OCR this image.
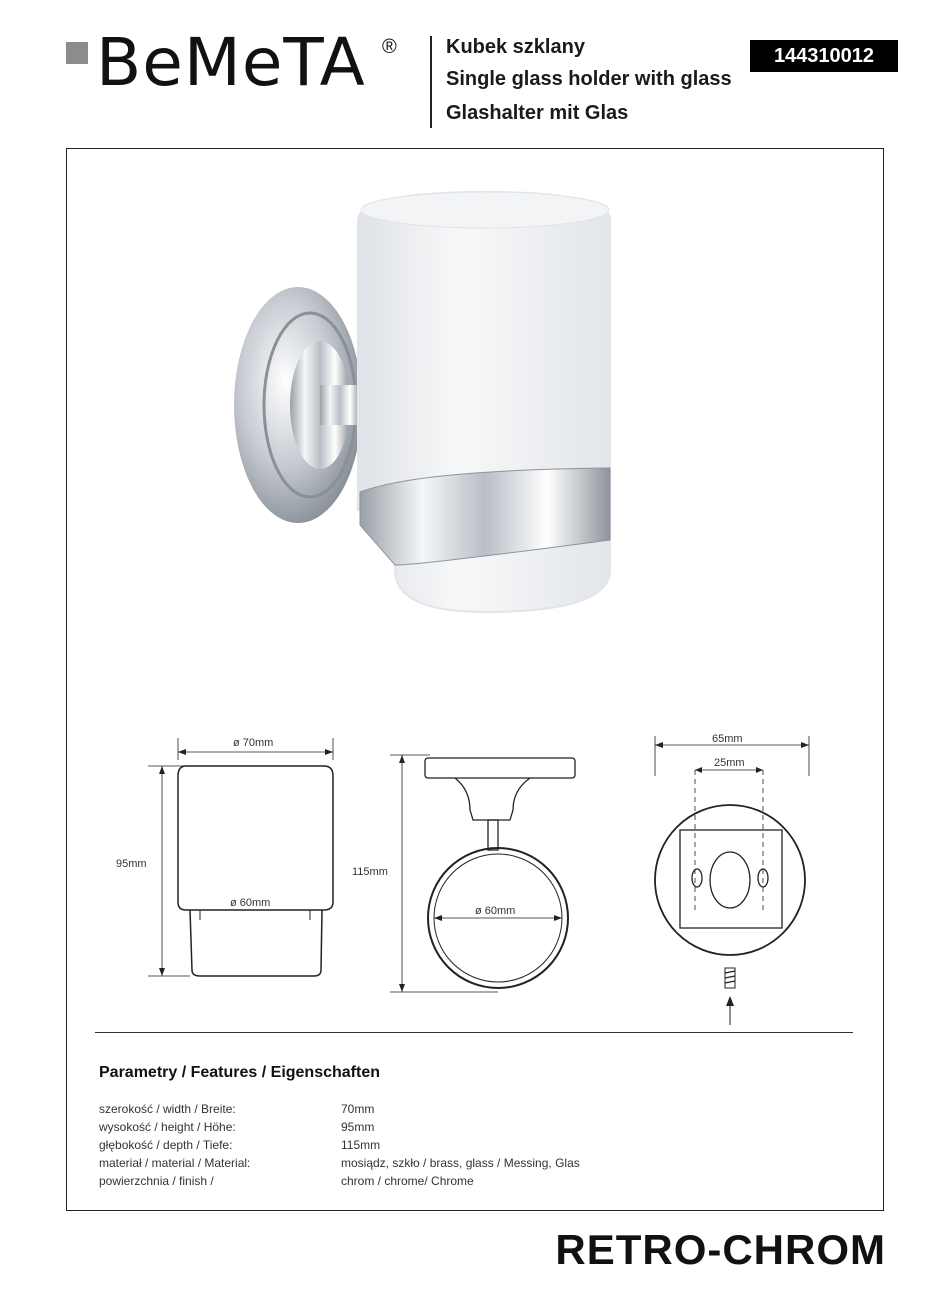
BeMeTA ® Kubek szklany
Single glass holder with glass
Glashalter mit Glas
144310012
ø 70mm
ø 60mm
95mm
ø 60mm
115mm
65mm
25mm
Parametry / Features / Eigenschaften
szerokość / width / Breite:	70mm
wysokość / height / Höhe:	95mm
głębokość / depth / Tiefe:	115mm
materiał / material / Material:	mosiądz, szkło / brass, glass / Messing, Glas
powierzchnia / finish /	chrom / chrome/ Chrome
RETRO-CHROM
